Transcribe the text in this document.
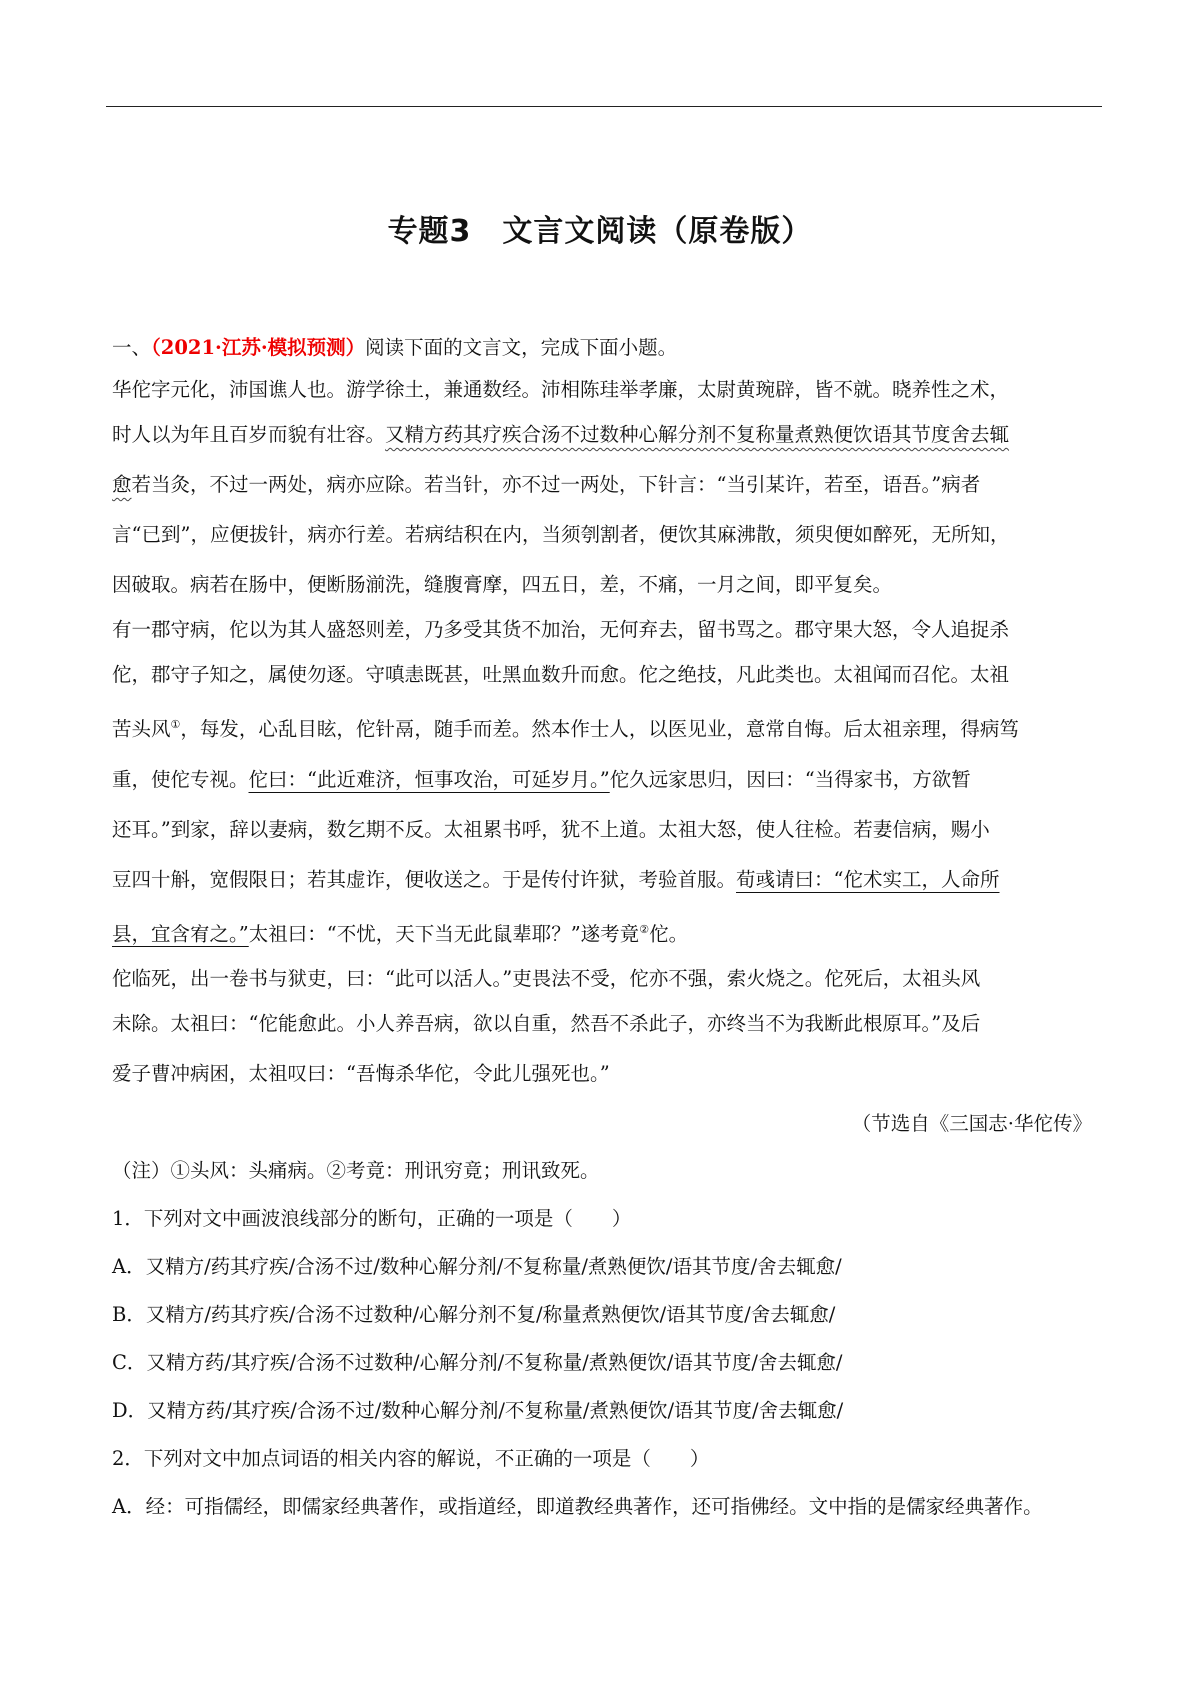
专题3　文言文阅读（原卷版）
一、（2021·江苏·模拟预测）阅读下面的文言文，完成下面小题。
华佗字元化，沛国谯人也。游学徐土，兼通数经。沛相陈珪举孝廉，太尉黄琬辟，皆不就。晓养性之术，
时人以为年且百岁而貌有壮容。又精方药其疗疾合汤不过数种心解分剂不复称量煮熟便饮语其节度舍去辄
愈若当灸，不过一两处，病亦应除。若当针，亦不过一两处，下针言：“当引某许，若至，语吾。”病者
言“已到”，应便拔针，病亦行差。若病结积在内，当须刳割者，便饮其麻沸散，须臾便如醉死，无所知，
因破取。病若在肠中，便断肠湔洗，缝腹膏摩，四五日，差，不痛，一月之间，即平复矣。
有一郡守病，佗以为其人盛怒则差，乃多受其货不加治，无何弃去，留书骂之。郡守果大怒，令人追捉杀
佗，郡守子知之，属使勿逐。守嗔恚既甚，吐黑血数升而愈。佗之绝技，凡此类也。太祖闻而召佗。太祖
苦头风①，每发，心乱目眩，佗针鬲，随手而差。然本作士人，以医见业，意常自悔。后太祖亲理，得病笃
重，使佗专视。佗曰：“此近难济，恒事攻治，可延岁月。”佗久远家思归，因曰：“当得家书，方欲暂
还耳。”到家，辞以妻病，数乞期不反。太祖累书呼，犹不上道。太祖大怒，使人往检。若妻信病，赐小
豆四十斛，宽假限日；若其虚诈，便收送之。于是传付许狱，考验首服。荀彧请曰：“佗术实工，人命所
县，宜含宥之。”太祖曰：“不忧，天下当无此鼠辈耶？”遂考竟②佗。
佗临死，出一卷书与狱吏，曰：“此可以活人。”吏畏法不受，佗亦不强，索火烧之。佗死后，太祖头风
未除。太祖曰：“佗能愈此。小人养吾病，欲以自重，然吾不杀此子，亦终当不为我断此根原耳。”及后
爱子曹冲病困，太祖叹曰：“吾悔杀华佗，令此儿强死也。”
（节选自《三国志·华佗传》
（注）①头风：头痛病。②考竟：刑讯穷竟；刑讯致死。
1．下列对文中画波浪线部分的断句，正确的一项是（　　）
A．又精方/药其疗疾/合汤不过/数种心解分剂/不复称量/煮熟便饮/语其节度/舍去辄愈/
B．又精方/药其疗疾/合汤不过数种/心解分剂不复/称量煮熟便饮/语其节度/舍去辄愈/
C．又精方药/其疗疾/合汤不过数种/心解分剂/不复称量/煮熟便饮/语其节度/舍去辄愈/
D．又精方药/其疗疾/合汤不过/数种心解分剂/不复称量/煮熟便饮/语其节度/舍去辄愈/
2．下列对文中加点词语的相关内容的解说，不正确的一项是（　　）
A．经：可指儒经，即儒家经典著作，或指道经，即道教经典著作，还可指佛经。文中指的是儒家经典著作。
